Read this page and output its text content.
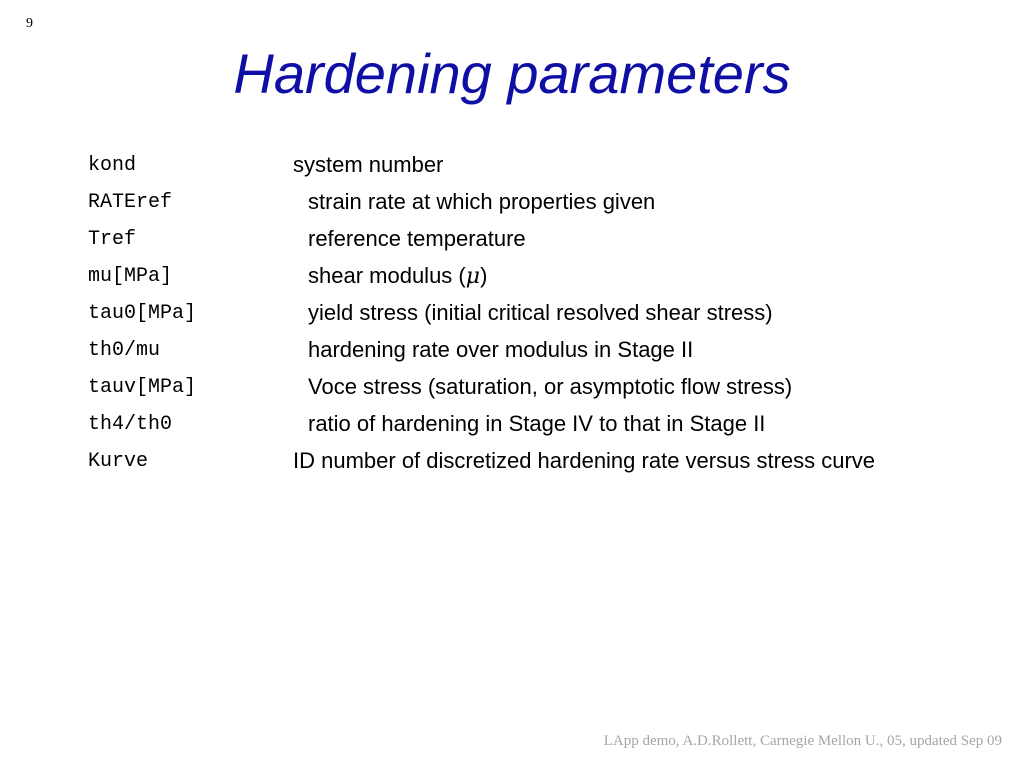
9
Hardening parameters
kond	system number
RATEref	strain rate at which properties given
Tref	reference temperature
mu[MPa]	shear modulus (μ)
tau0[MPa]	yield stress (initial critical resolved shear stress)
th0/mu	hardening rate over modulus in Stage II
tauv[MPa]	Voce stress (saturation, or asymptotic flow stress)
th4/th0	ratio of hardening in Stage IV to that in Stage II
Kurve	ID number of discretized hardening rate versus stress curve
LApp demo, A.D.Rollett, Carnegie Mellon U., 05, updated Sep 09
